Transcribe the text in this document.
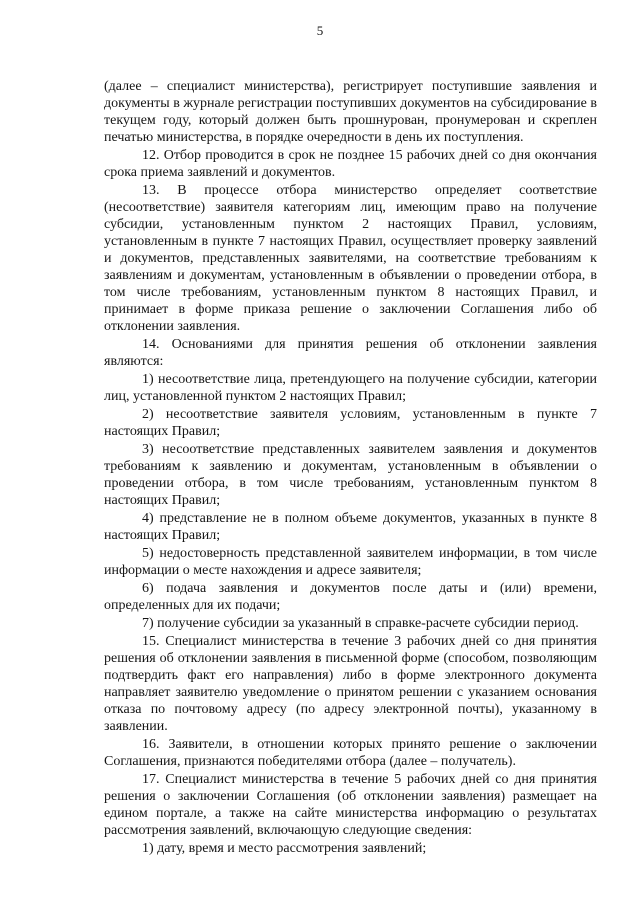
5

(далее – специалист министерства), регистрирует поступившие заявления и документы в журнале регистрации поступивших документов на субсидирование в текущем году, который должен быть прошнурован, пронумерован и скреплен печатью министерства, в порядке очередности в день их поступления.

12. Отбор проводится в срок не позднее 15 рабочих дней со дня окончания срока приема заявлений и документов.

13. В процессе отбора министерство определяет соответствие (несоответствие) заявителя категориям лиц, имеющим право на получение субсидии, установленным пунктом 2 настоящих Правил, условиям, установленным в пункте 7 настоящих Правил, осуществляет проверку заявлений и документов, представленных заявителями, на соответствие требованиям к заявлениям и документам, установленным в объявлении о проведении отбора, в том числе требованиям, установленным пунктом 8 настоящих Правил, и принимает в форме приказа решение о заключении Соглашения либо об отклонении заявления.

14. Основаниями для принятия решения об отклонении заявления являются:

1) несоответствие лица, претендующего на получение субсидии, категории лиц, установленной пунктом 2 настоящих Правил;

2) несоответствие заявителя условиям, установленным в пункте 7 настоящих Правил;

3) несоответствие представленных заявителем заявления и документов требованиям к заявлению и документам, установленным в объявлении о проведении отбора, в том числе требованиям, установленным пунктом 8 настоящих Правил;

4) представление не в полном объеме документов, указанных в пункте 8 настоящих Правил;

5) недостоверность представленной заявителем информации, в том числе информации о месте нахождения и адресе заявителя;

6) подача заявления и документов после даты и (или) времени, определенных для их подачи;

7) получение субсидии за указанный в справке-расчете субсидии период.

15. Специалист министерства в течение 3 рабочих дней со дня принятия решения об отклонении заявления в письменной форме (способом, позволяющим подтвердить факт его направления) либо в форме электронного документа направляет заявителю уведомление о принятом решении с указанием основания отказа по почтовому адресу (по адресу электронной почты), указанному в заявлении.

16. Заявители, в отношении которых принято решение о заключении Соглашения, признаются победителями отбора (далее – получатель).

17. Специалист министерства в течение 5 рабочих дней со дня принятия решения о заключении Соглашения (об отклонении заявления) размещает на едином портале, а также на сайте министерства информацию о результатах рассмотрения заявлений, включающую следующие сведения:

1) дату, время и место рассмотрения заявлений;
